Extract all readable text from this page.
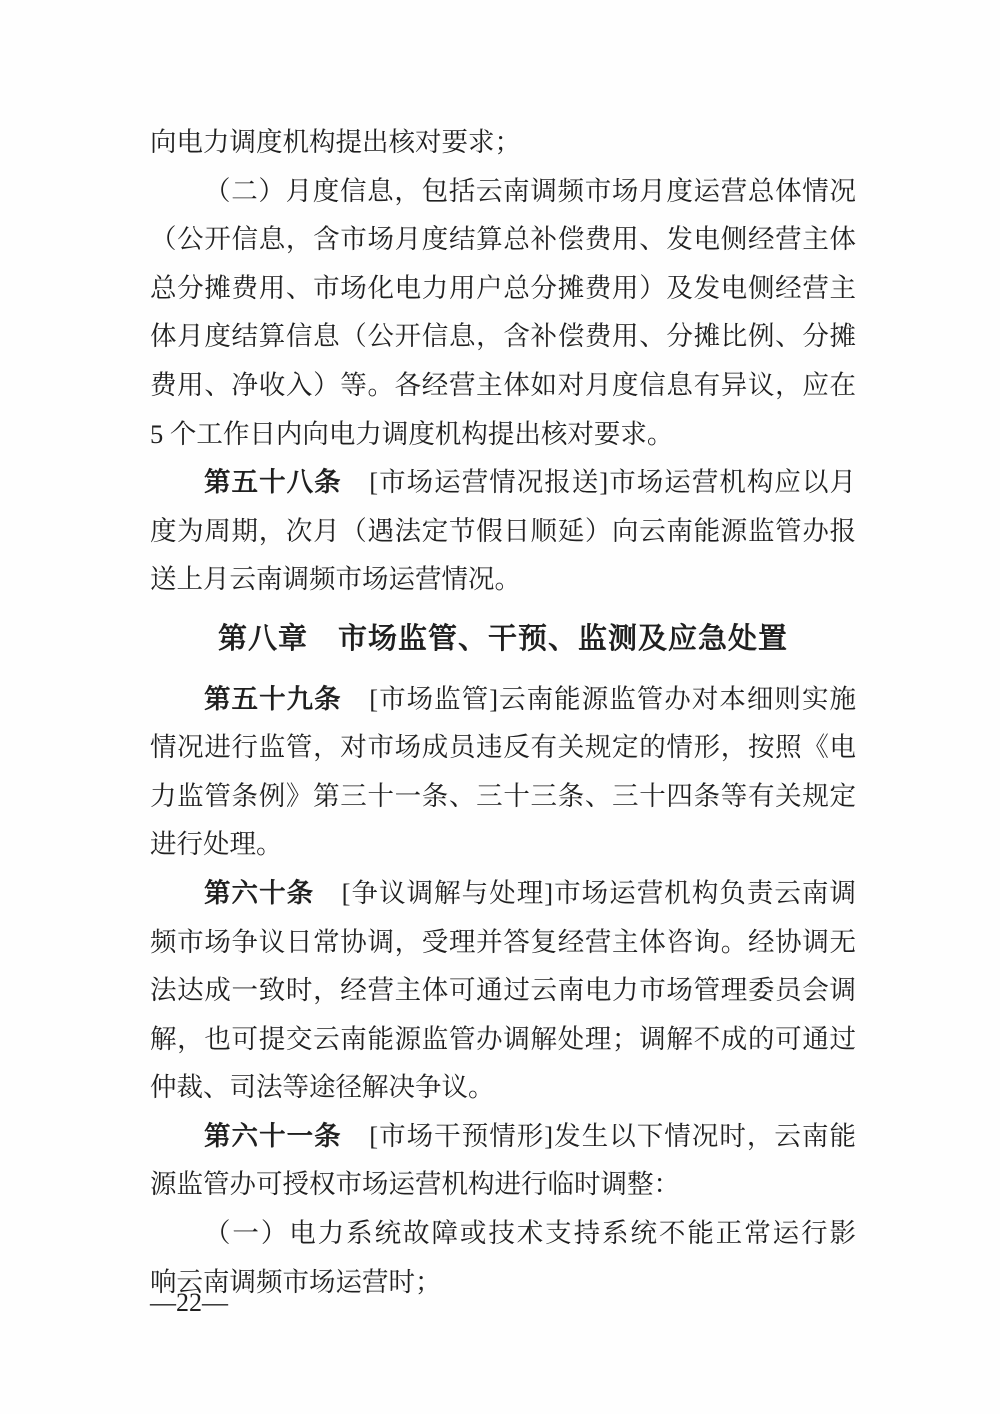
向电力调度机构提出核对要求；
（二）月度信息，包括云南调频市场月度运营总体情况
（公开信息，含市场月度结算总补偿费用、发电侧经营主体
总分摊费用、市场化电力用户总分摊费用）及发电侧经营主
体月度结算信息（公开信息，含补偿费用、分摊比例、分摊
费用、净收入）等。各经营主体如对月度信息有异议，应在
5 个工作日内向电力调度机构提出核对要求。
第五十八条　[市场运营情况报送]市场运营机构应以月
度为周期，次月（遇法定节假日顺延）向云南能源监管办报
送上月云南调频市场运营情况。
第八章　市场监管、干预、监测及应急处置
第五十九条　[市场监管]云南能源监管办对本细则实施
情况进行监管，对市场成员违反有关规定的情形，按照《电
力监管条例》第三十一条、三十三条、三十四条等有关规定
进行处理。
第六十条　[争议调解与处理]市场运营机构负责云南调
频市场争议日常协调，受理并答复经营主体咨询。经协调无
法达成一致时，经营主体可通过云南电力市场管理委员会调
解，也可提交云南能源监管办调解处理；调解不成的可通过
仲裁、司法等途径解决争议。
第六十一条　[市场干预情形]发生以下情况时，云南能
源监管办可授权市场运营机构进行临时调整：
（一）电力系统故障或技术支持系统不能正常运行影
响云南调频市场运营时；
—22—
